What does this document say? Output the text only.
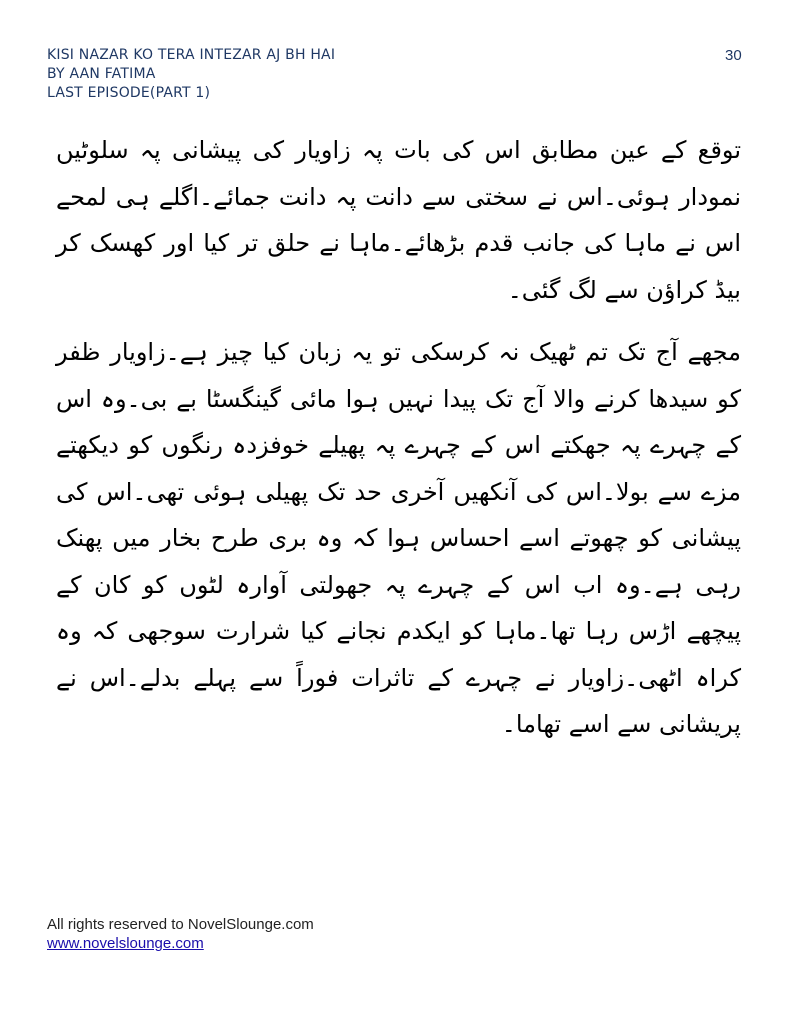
KISI NAZAR KO TERA INTEZAR AJ BH HAI
BY AAN FATIMA
LAST EPISODE(PART 1)
30

توقع کے عین مطابق اس کی بات پہ زاویار کی پیشانی پہ سلوٹیں نمودار ہوئی۔اس نے سختی سے دانت پہ دانت جمائے۔اگلے ہی لمحے اس نے ماہا کی جانب قدم بڑھائے۔ماہا نے حلق تر کیا اور کھسک کر بیڈ کراؤن سے لگ گئی۔

مجھے آج تک تم ٹھیک نہ کرسکی تو یہ زبان کیا چیز ہے۔زاویار ظفر کو سیدھا کرنے والا آج تک پیدا نہیں ہوا مائی گینگسٹا بے بی۔وہ اس کے چہرے پہ جھکتے اس کے چہرے پہ پھیلے خوفزدہ رنگوں کو دیکھتے مزے سے بولا۔اس کی آنکھیں آخری حد تک پھیلی ہوئی تھی۔اس کی پیشانی کو چھوتے اسے احساس ہوا کہ وہ بری طرح بخار میں پھنک رہی ہے۔وہ اب اس کے چہرے پہ جھولتی آوارہ لٹوں کو کان کے پیچھے اڑس رہا تھا۔ماہا کو ایکدم نجانے کیا شرارت سوجھی کہ وہ کراہ اٹھی۔زاویار نے چہرے کے تاثرات فوراً سے پہلے بدلے۔اس نے پریشانی سے اسے تھاما۔

All rights reserved to NovelSlounge.com
www.novelslounge.com
